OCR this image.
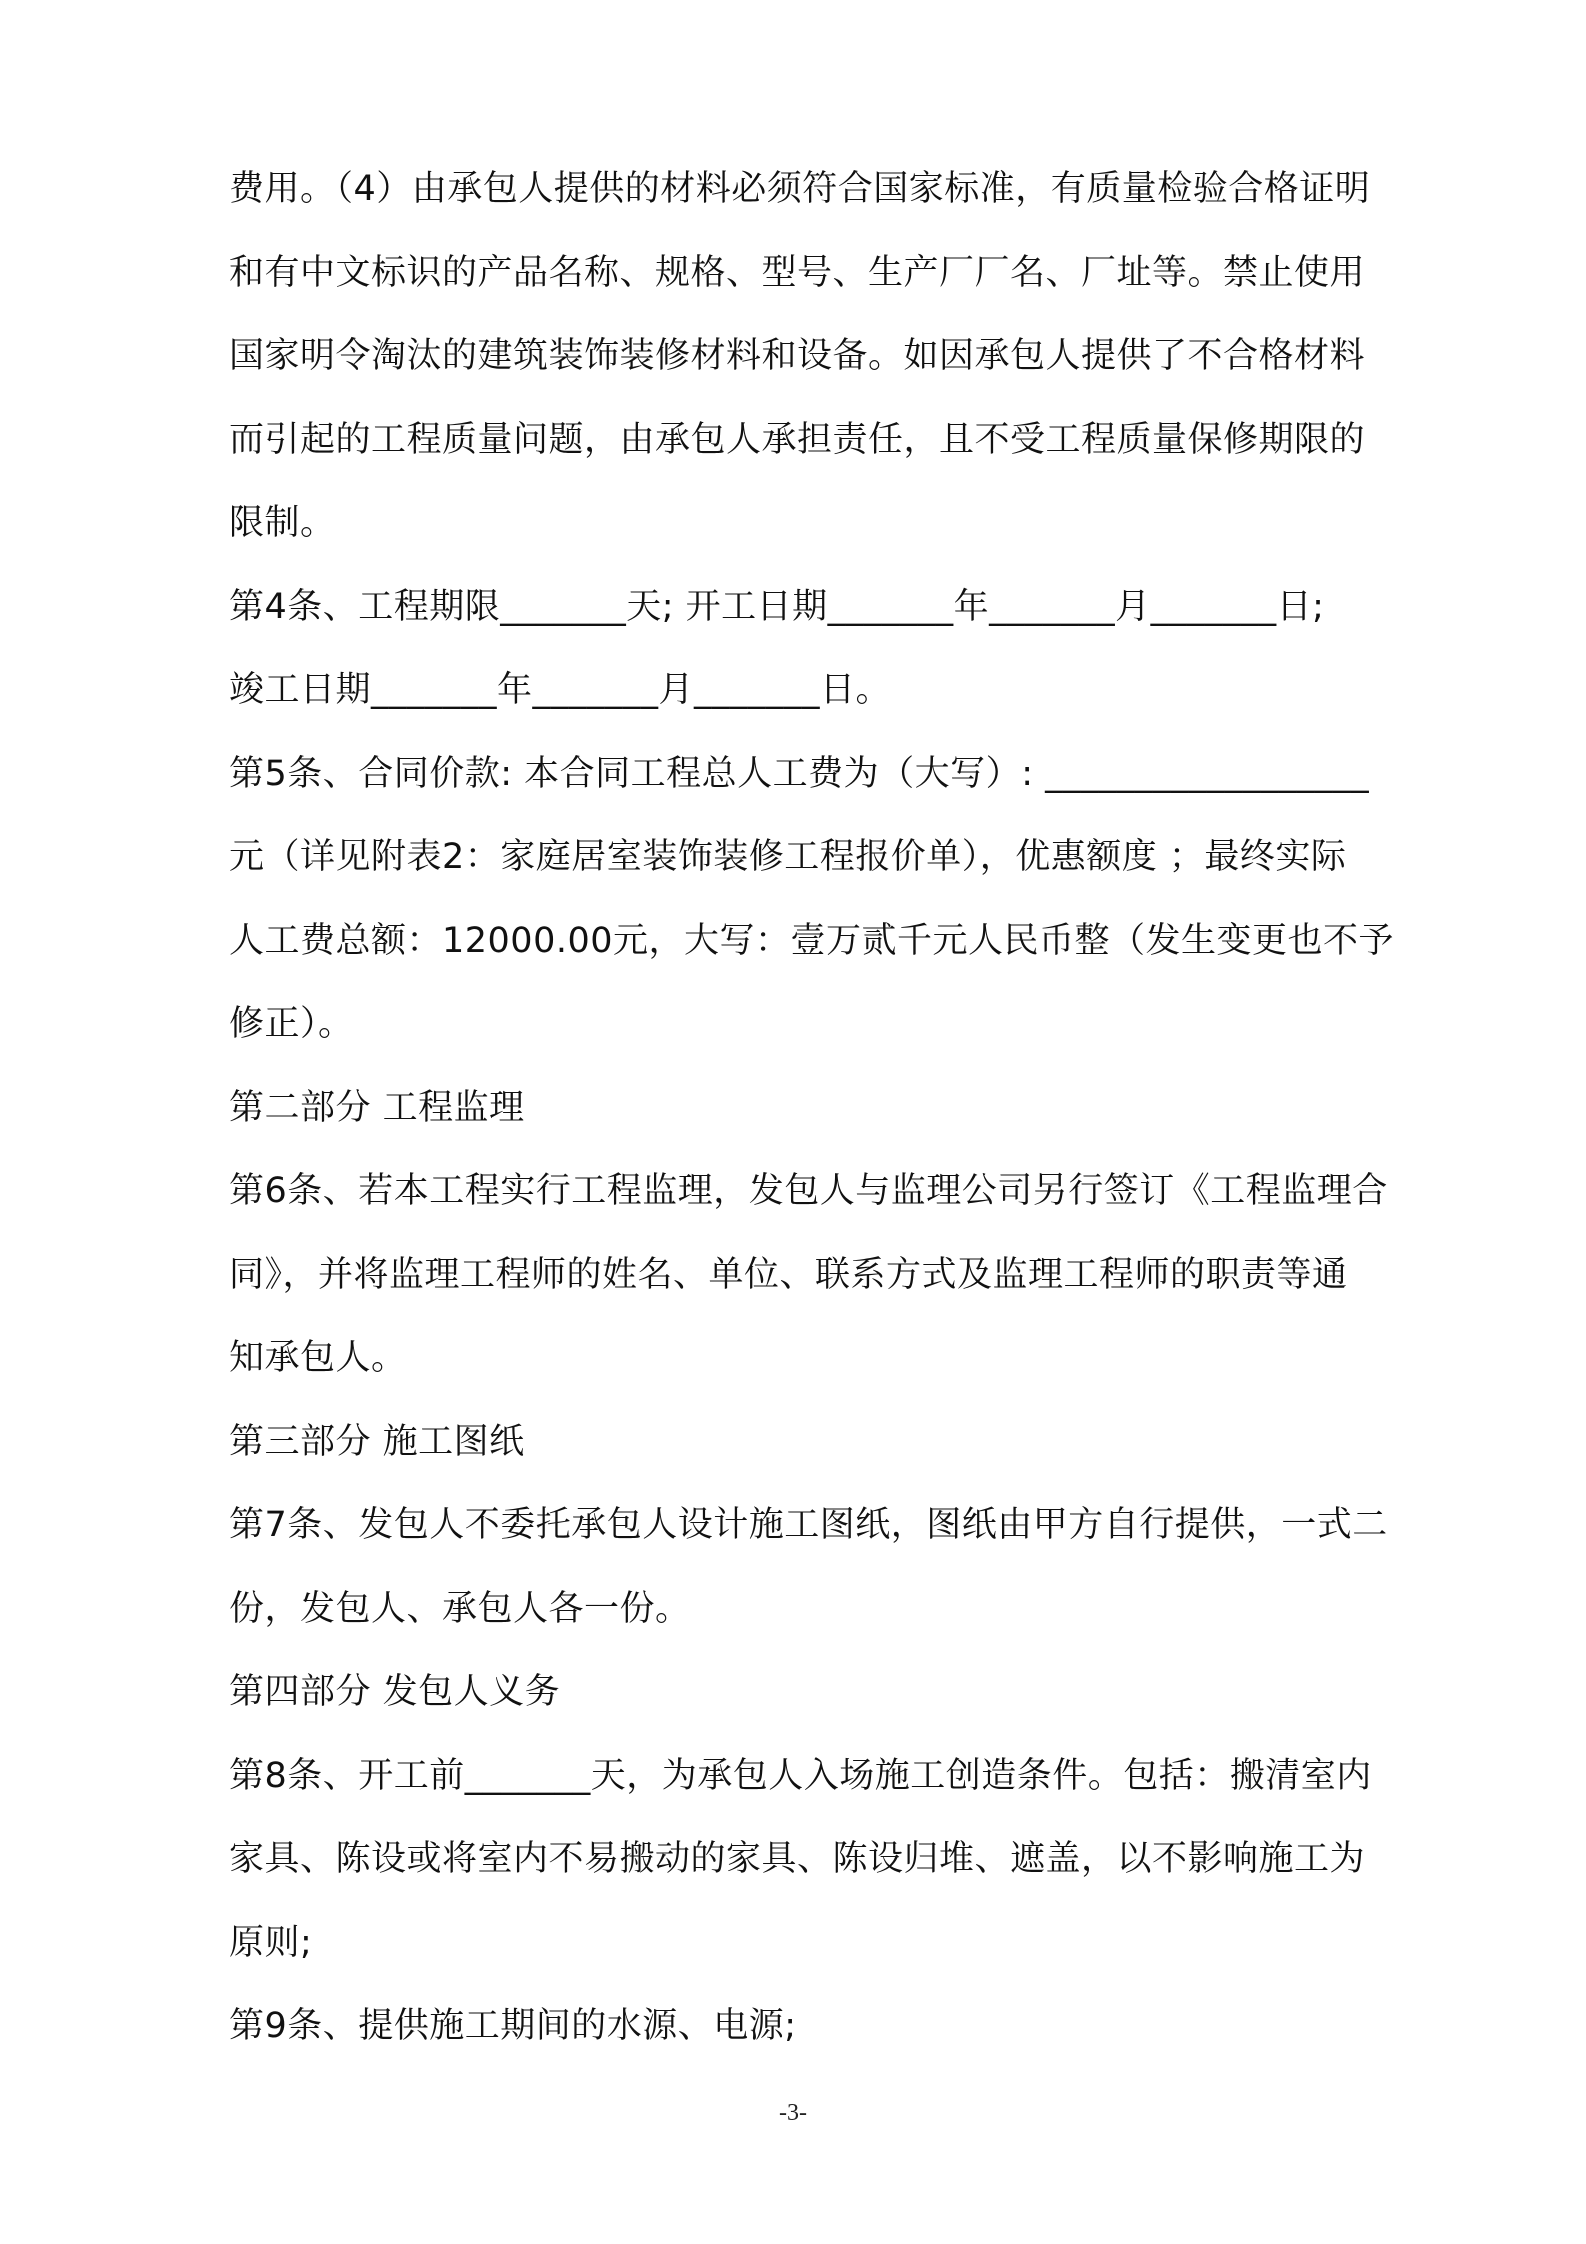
费用。（4）由承包人提供的材料必须符合国家标准，有质量检验合格证明
和有中文标识的产品名称、规格、型号、生产厂厂名、厂址等。禁止使用
国家明令淘汰的建筑装饰装修材料和设备。如因承包人提供了不合格材料
而引起的工程质量问题，由承包人承担责任，且不受工程质量保修期限的
限制。
第4条、工程期限_______天; 开工日期_______年_______月_______日;
竣工日期_______年_______月_______日。
第5条、合同价款: 本合同工程总人工费为（大写）: __________________
元（详见附表2：家庭居室装饰装修工程报价单），优惠额度 ；最终实际
人工费总额：12000.00元，大写：壹万贰千元人民币整（发生变更也不予
修正）。
第二部分 工程监理
第6条、若本工程实行工程监理，发包人与监理公司另行签订《工程监理合
同》，并将监理工程师的姓名、单位、联系方式及监理工程师的职责等通
知承包人。
第三部分 施工图纸
第7条、发包人不委托承包人设计施工图纸，图纸由甲方自行提供，一式二
份，发包人、承包人各一份。
第四部分 发包人义务
第8条、开工前_______天，为承包人入场施工创造条件。包括：搬清室内
家具、陈设或将室内不易搬动的家具、陈设归堆、遮盖，以不影响施工为
原则;
第9条、提供施工期间的水源、电源;
-3-
